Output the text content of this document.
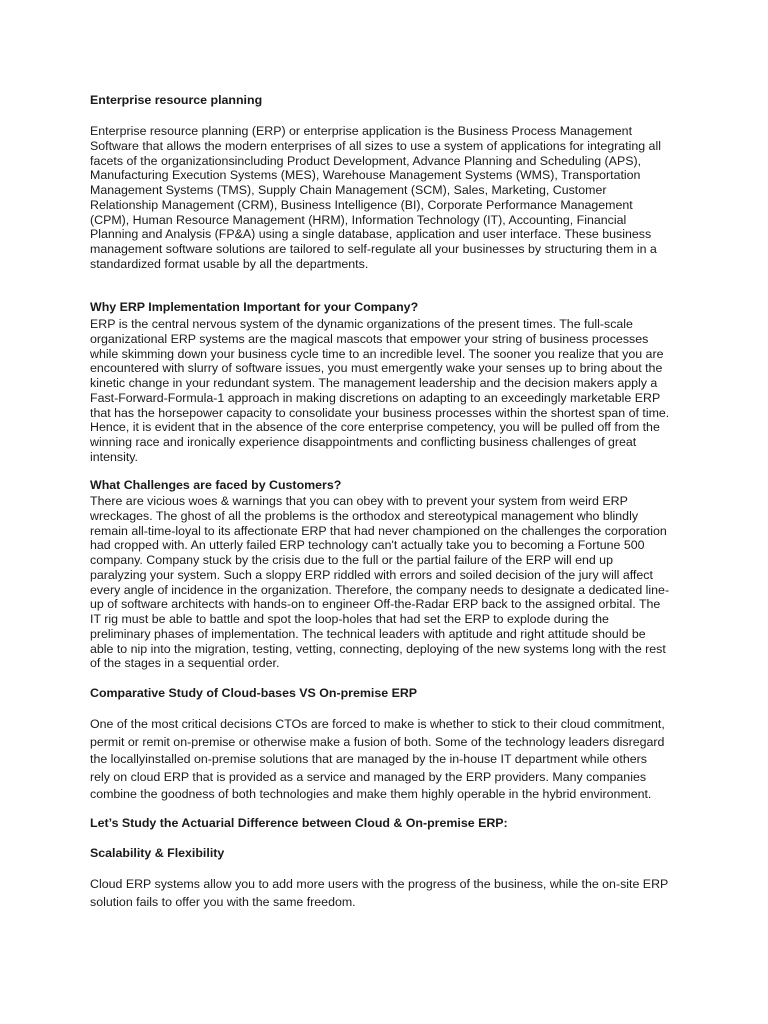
Enterprise resource planning

Enterprise resource planning (ERP) or enterprise application is the Business Process Management
Software that allows the modern enterprises of all sizes to use a system of applications for integrating all
facets of the organizationsincluding Product Development, Advance Planning and Scheduling (APS),
Manufacturing Execution Systems (MES), Warehouse Management Systems (WMS), Transportation
Management Systems (TMS), Supply Chain Management (SCM), Sales, Marketing, Customer
Relationship Management (CRM), Business Intelligence (BI), Corporate Performance Management
(CPM), Human Resource Management (HRM), Information Technology (IT), Accounting, Financial
Planning and Analysis (FP&A) using a single database, application and user interface. These business
management software solutions are tailored to self-regulate all your businesses by structuring them in a
standardized format usable by all the departments.

Why ERP Implementation Important for your Company?

ERP is the central nervous system of the dynamic organizations of the present times. The full-scale
organizational ERP systems are the magical mascots that empower your string of business processes
while skimming down your business cycle time to an incredible level. The sooner you realize that you are
encountered with slurry of software issues, you must emergently wake your senses up to bring about the
kinetic change in your redundant system. The management leadership and the decision makers apply a
Fast-Forward-Formula-1 approach in making discretions on adapting to an exceedingly marketable ERP
that has the horsepower capacity to consolidate your business processes within the shortest span of time.
Hence, it is evident that in the absence of the core enterprise competency, you will be pulled off from the
winning race and ironically experience disappointments and conflicting business challenges of great
intensity.

What Challenges are faced by Customers?

There are vicious woes & warnings that you can obey with to prevent your system from weird ERP
wreckages. The ghost of all the problems is the orthodox and stereotypical management who blindly
remain all-time-loyal to its affectionate ERP that had never championed on the challenges the corporation
had cropped with. An utterly failed ERP technology can't actually take you to becoming a Fortune 500
company. Company stuck by the crisis due to the full or the partial failure of the ERP will end up
paralyzing your system. Such a sloppy ERP riddled with errors and soiled decision of the jury will affect
every angle of incidence in the organization. Therefore, the company needs to designate a dedicated line-
up of software architects with hands-on to engineer Off-the-Radar ERP back to the assigned orbital. The
IT rig must be able to battle and spot the loop-holes that had set the ERP to explode during the
preliminary phases of implementation. The technical leaders with aptitude and right attitude should be
able to nip into the migration, testing, vetting, connecting, deploying of the new systems long with the rest
of the stages in a sequential order.

Comparative Study of Cloud-bases VS On-premise ERP

One of the most critical decisions CTOs are forced to make is whether to stick to their cloud commitment,
permit or remit on-premise or otherwise make a fusion of both. Some of the technology leaders disregard
the locallyinstalled on-premise solutions that are managed by the in-house IT department while others
rely on cloud ERP that is provided as a service and managed by the ERP providers. Many companies
combine the goodness of both technologies and make them highly operable in the hybrid environment.

Let’s Study the Actuarial Difference between Cloud & On-premise ERP:

Scalability & Flexibility

Cloud ERP systems allow you to add more users with the progress of the business, while the on-site ERP
solution fails to offer you with the same freedom.
